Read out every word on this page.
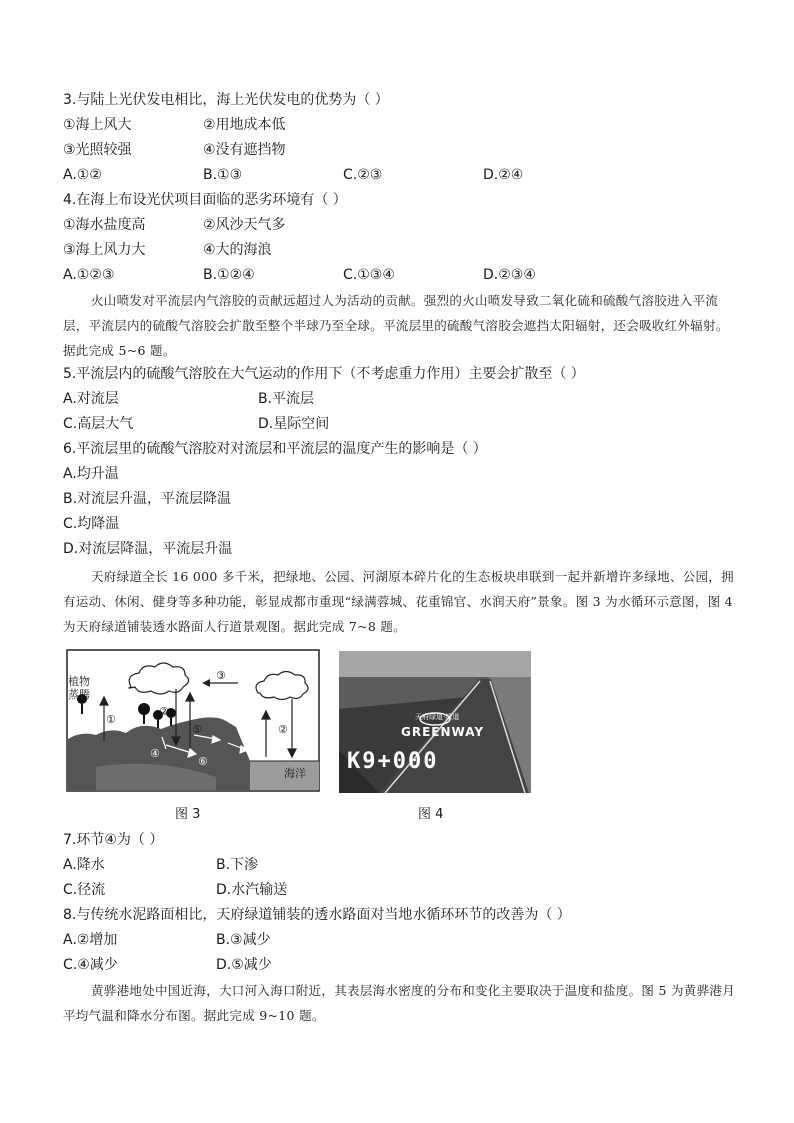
3.与陆上光伏发电相比，海上光伏发电的优势为（ ）
①海上风大	②用地成本低
③光照较强	④没有遮挡物
A.①②	B.①③	C.②③	D.②④
4.在海上布设光伏项目面临的恶劣环境有（ ）
①海水盐度高	②风沙天气多
③海上风力大	④大的海浪
A.①②③	B.①②④	C.①③④	D.②③④
火山喷发对平流层内气溶胶的贡献远超过人为活动的贡献。强烈的火山喷发导致二氧化硫和硫酸气溶胶进入平流层，平流层内的硫酸气溶胶会扩散至整个半球乃至全球。平流层里的硫酸气溶胶会遮挡太阳辐射，还会吸收红外辐射。据此完成 5~6 题。
5.平流层内的硫酸气溶胶在大气运动的作用下（不考虑重力作用）主要会扩散至（ ）
A.对流层	B.平流层
C.高层大气	D.星际空间
6.平流层里的硫酸气溶胶对对流层和平流层的温度产生的影响是（ ）
A.均升温
B.对流层升温，平流层降温
C.均降温
D.对流层降温，平流层升温
天府绿道全长 16 000 多千米，把绿地、公园、河湖原本碎片化的生态板块串联到一起并新增许多绿地、公园，拥有运动、休闲、健身等多种功能，彰显成都市重现“绿满蓉城、花重锦官、水润天府”景象。图 3 为水循环示意图，图 4 为天府绿道铺装透水路面人行道景观图。据此完成 7~8 题。
植物
蒸腾
①
②
③
④
⑤
⑥
②
海洋
天府绿道·绿道
GREENWAY
K9+000
图 3	图 4
7.环节④为（ ）
A.降水	B.下渗
C.径流	D.水汽输送
8.与传统水泥路面相比，天府绿道铺装的透水路面对当地水循环环节的改善为（ ）
A.②增加	B.③减少
C.④减少	D.⑤减少
黄骅港地处中国近海，大口河入海口附近，其表层海水密度的分布和变化主要取决于温度和盐度。图 5 为黄骅港月平均气温和降水分布图。据此完成 9~10 题。
